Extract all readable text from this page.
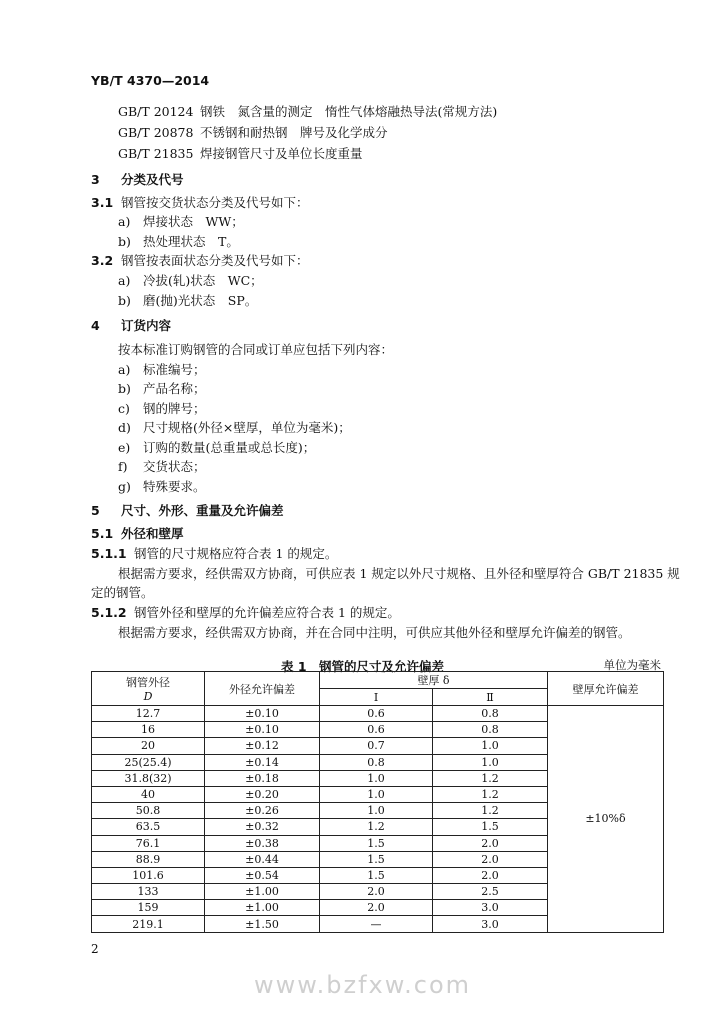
YB/T 4370—2014
GB/T 20124 钢铁　氮含量的测定　惰性气体熔融热导法(常规方法)
GB/T 20878 不锈钢和耐热钢　牌号及化学成分
GB/T 21835 焊接钢管尺寸及单位长度重量
3 分类及代号
3.1 钢管按交货状态分类及代号如下：
a) 焊接状态　WW；
b) 热处理状态　T。
3.2 钢管按表面状态分类及代号如下：
a) 冷拔(轧)状态　WC；
b) 磨(抛)光状态　SP。
4 订货内容
按本标准订购钢管的合同或订单应包括下列内容：
a) 标准编号；
b) 产品名称；
c) 钢的牌号；
d) 尺寸规格(外径×壁厚，单位为毫米)；
e) 订购的数量(总重量或总长度)；
f) 交货状态；
g) 特殊要求。
5 尺寸、外形、重量及允许偏差
5.1 外径和壁厚
5.1.1 钢管的尺寸规格应符合表 1 的规定。
根据需方要求，经供需双方协商，可供应表 1 规定以外尺寸规格、且外径和壁厚符合 GB/T 21835 规
定的钢管。
5.1.2 钢管外径和壁厚的允许偏差应符合表 1 的规定。
根据需方要求，经供需双方协商，并在合同中注明，可供应其他外径和壁厚允许偏差的钢管。
表 1　钢管的尺寸及允许偏差	单位为毫米
钢管外径
D	外径允许偏差	壁厚 δ		壁厚允许偏差
		Ⅰ	Ⅱ	
12.7	±0.10	0.6	0.8	±10%δ
16	±0.10	0.6	0.8	
20	±0.12	0.7	1.0	
25(25.4)	±0.14	0.8	1.0	
31.8(32)	±0.18	1.0	1.2	
40	±0.20	1.0	1.2	
50.8	±0.26	1.0	1.2	
63.5	±0.32	1.2	1.5	
76.1	±0.38	1.5	2.0	
88.9	±0.44	1.5	2.0	
101.6	±0.54	1.5	2.0	
133	±1.00	2.0	2.5	
159	±1.00	2.0	3.0	
219.1	±1.50	—	3.0	
2
www.bzfxw.com
